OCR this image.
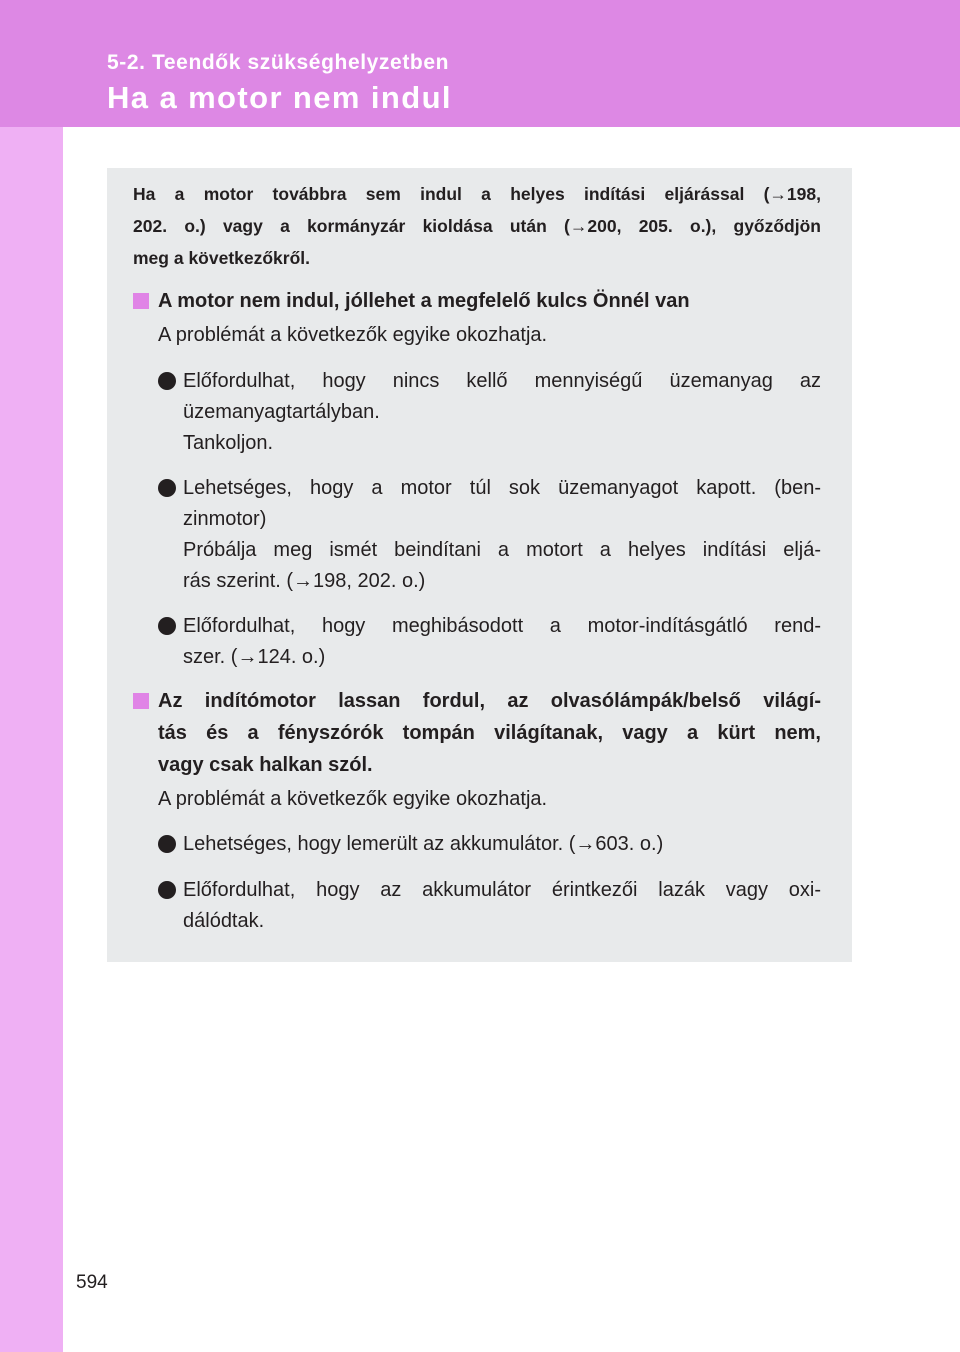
5-2. Teendők szükséghelyzetben
Ha a motor nem indul
Ha a motor továbbra sem indul a helyes indítási eljárással (→198,
202. o.) vagy a kormányzár kioldása után (→200, 205. o.), győződjön
meg a következőkről.
A motor nem indul, jóllehet a megfelelő kulcs Önnél van
A problémát a következők egyike okozhatja.
Előfordulhat, hogy nincs kellő mennyiségű üzemanyag az
üzemanyagtartályban.
Tankoljon.
Lehetséges, hogy a motor túl sok üzemanyagot kapott. (ben-
zinmotor)
Próbálja meg ismét beindítani a motort a helyes indítási eljá-
rás szerint. (→198, 202. o.)
Előfordulhat, hogy meghibásodott a motor-indításgátló rend-
szer. (→124. o.)
Az indítómotor lassan fordul, az olvasólámpák/belső világí-
tás és a fényszórók tompán világítanak, vagy a kürt nem,
vagy csak halkan szól.
A problémát a következők egyike okozhatja.
Lehetséges, hogy lemerült az akkumulátor. (→603. o.)
Előfordulhat, hogy az akkumulátor érintkezői lazák vagy oxi-
dálódtak.
594
